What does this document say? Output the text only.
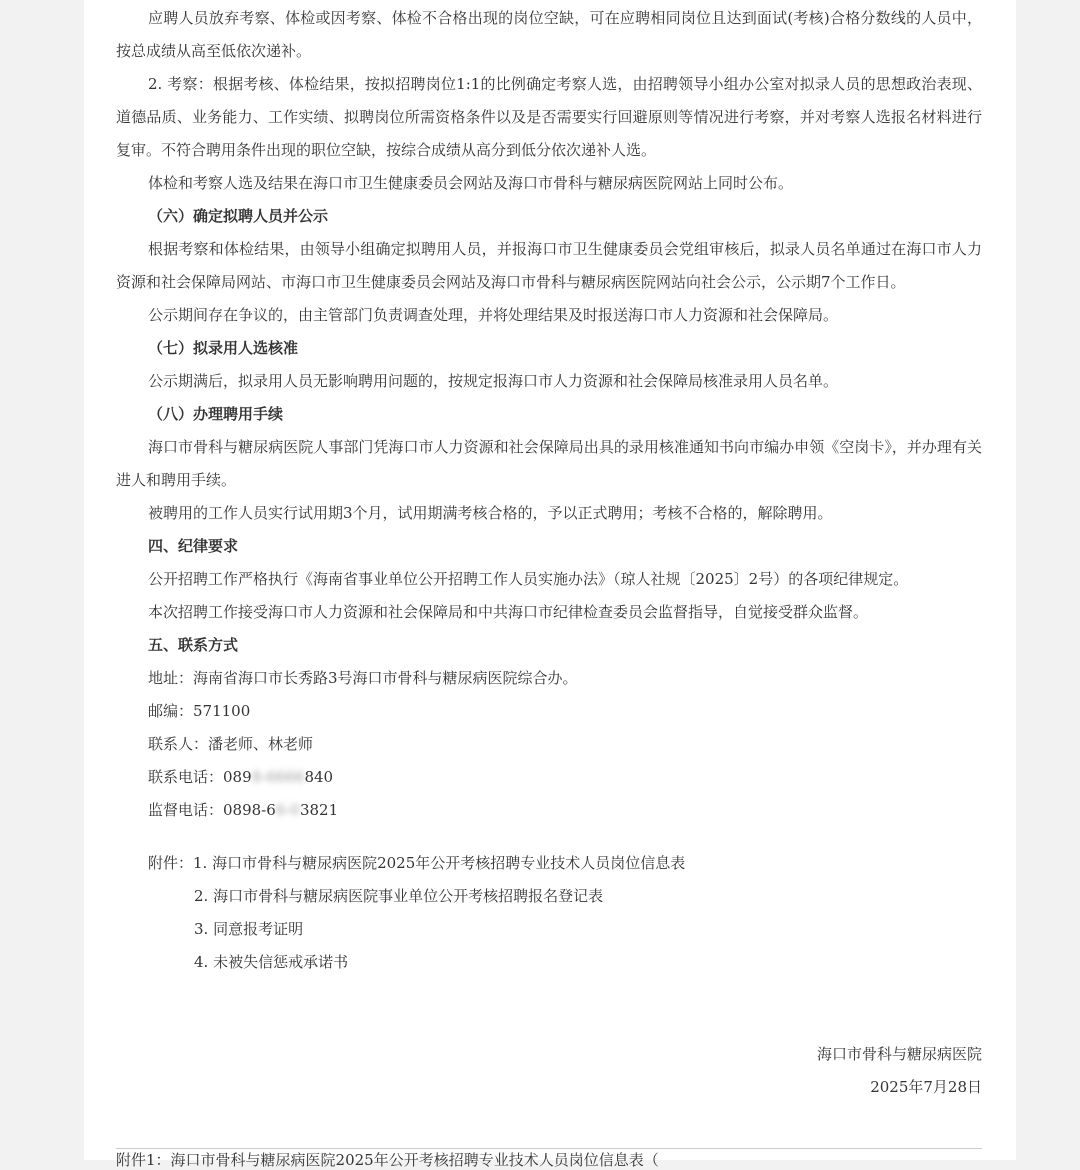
应聘人员放弃考察、体检或因考察、体检不合格出现的岗位空缺，可在应聘相同岗位且达到面试(考核)合格分数线的人员中，按总成绩从高至低依次递补。

2. 考察：根据考核、体检结果，按拟招聘岗位1:1的比例确定考察人选，由招聘领导小组办公室对拟录人员的思想政治表现、道德品质、业务能力、工作实绩、拟聘岗位所需资格条件以及是否需要实行回避原则等情况进行考察，并对考察人选报名材料进行复审。不符合聘用条件出现的职位空缺，按综合成绩从高分到低分依次递补人选。

体检和考察人选及结果在海口市卫生健康委员会网站及海口市骨科与糖尿病医院网站上同时公布。

（六）确定拟聘人员并公示

根据考察和体检结果，由领导小组确定拟聘用人员，并报海口市卫生健康委员会党组审核后，拟录人员名单通过在海口市人力资源和社会保障局网站、市海口市卫生健康委员会网站及海口市骨科与糖尿病医院网站向社会公示，公示期7个工作日。

公示期间存在争议的，由主管部门负责调查处理，并将处理结果及时报送海口市人力资源和社会保障局。

（七）拟录用人选核准

公示期满后，拟录用人员无影响聘用问题的，按规定报海口市人力资源和社会保障局核准录用人员名单。

（八）办理聘用手续

海口市骨科与糖尿病医院人事部门凭海口市人力资源和社会保障局出具的录用核准通知书向市编办申领《空岗卡》，并办理有关进人和聘用手续。

被聘用的工作人员实行试用期3个月，试用期满考核合格的，予以正式聘用；考核不合格的，解除聘用。

四、纪律要求

公开招聘工作严格执行《海南省事业单位公开招聘工作人员实施办法》（琼人社规〔2025〕2号）的各项纪律规定。

本次招聘工作接受海口市人力资源和社会保障局和中共海口市纪律检查委员会监督指导，自觉接受群众监督。

五、联系方式

地址：海南省海口市长秀路3号海口市骨科与糖尿病医院综合办。

邮编：571100

联系人：潘老师、林老师

联系电话：0898-6666840

监督电话：0898-66-03821

附件：1. 海口市骨科与糖尿病医院2025年公开考核招聘专业技术人员岗位信息表

2. 海口市骨科与糖尿病医院事业单位公开考核招聘报名登记表

3. 同意报考证明

4. 未被失信惩戒承诺书

海口市骨科与糖尿病医院
2025年7月28日
附件1：海口市骨科与糖尿病医院2025年公开考核招聘专业技术人员岗位信息表（
